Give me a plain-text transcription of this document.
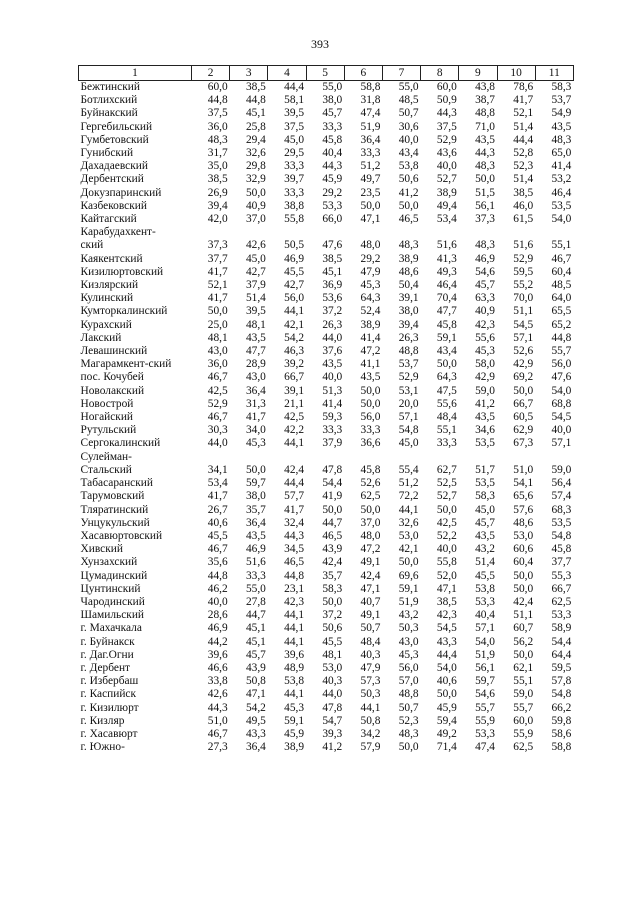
393
1	2	3	4	5	6	7	8	9	10	11
Бежтинский	60,0	38,5	44,4	55,0	58,8	55,0	60,0	43,8	78,6	58,3
Ботлихский	44,8	44,8	58,1	38,0	31,8	48,5	50,9	38,7	41,7	53,7
Буйнакский	37,5	45,1	39,5	45,7	47,4	50,7	44,3	48,8	52,1	54,9
Гергебильский	36,0	25,8	37,5	33,3	51,9	30,6	37,5	71,0	51,4	43,5
Гумбетовский	48,3	29,4	45,0	45,8	36,4	40,0	52,9	43,5	44,4	48,3
Гунибский	31,7	32,6	29,5	40,4	33,3	43,4	43,6	44,3	52,8	65,0
Дахадаевский	35,0	29,8	33,3	44,3	51,2	53,8	40,0	48,3	52,3	41,4
Дербентский	38,5	32,9	39,7	45,9	49,7	50,6	52,7	50,0	51,4	53,2
Докузпаринский	26,9	50,0	33,3	29,2	23,5	41,2	38,9	51,5	38,5	46,4
Казбековский	39,4	40,9	38,8	53,3	50,0	50,0	49,4	56,1	46,0	53,5
Кайтагский	42,0	37,0	55,8	66,0	47,1	46,5	53,4	37,3	61,5	54,0

Карабудахкент-
ский	37,3	42,6	50,5	47,6	48,0	48,3	51,6	48,3	51,6	55,1
Каякентский	37,7	45,0	46,9	38,5	29,2	38,9	41,3	46,9	52,9	46,7
Кизилюртовский	41,7	42,7	45,5	45,1	47,9	48,6	49,3	54,6	59,5	60,4
Кизлярский	52,1	37,9	42,7	36,9	45,3	50,4	46,4	45,7	55,2	48,5
Кулинский	41,7	51,4	56,0	53,6	64,3	39,1	70,4	63,3	70,0	64,0
Кумторкалинский	50,0	39,5	44,1	37,2	52,4	38,0	47,7	40,9	51,1	65,5
Курахский	25,0	48,1	42,1	26,3	38,9	39,4	45,8	42,3	54,5	65,2
Лакский	48,1	43,5	54,2	44,0	41,4	26,3	59,1	55,6	57,1	44,8
Левашинский	43,0	47,7	46,3	37,6	47,2	48,8	43,4	45,3	52,6	55,7
Магарамкент-ский	36,0	28,9	39,2	43,5	41,1	53,7	50,0	58,0	42,9	56,0
пос. Кочубей	46,7	43,0	66,7	40,0	43,5	52,9	64,3	42,9	69,2	47,6
Новолакский	42,5	36,4	39,1	51,3	50,0	53,1	47,5	59,0	50,0	54,0
Новострой	52,9	31,3	21,1	41,4	50,0	20,0	55,6	41,2	66,7	68,8
Ногайский	46,7	41,7	42,5	59,3	56,0	57,1	48,4	43,5	60,5	54,5
Рутульский	30,3	34,0	42,2	33,3	33,3	54,8	55,1	34,6	62,9	40,0
Сергокалинский	44,0	45,3	44,1	37,9	36,6	45,0	33,3	53,5	67,3	57,1

Сулейман-
Стальский	34,1	50,0	42,4	47,8	45,8	55,4	62,7	51,7	51,0	59,0
Табасаранский	53,4	59,7	44,4	54,4	52,6	51,2	52,5	53,5	54,1	56,4
Тарумовский	41,7	38,0	57,7	41,9	62,5	72,2	52,7	58,3	65,6	57,4
Тляратинский	26,7	35,7	41,7	50,0	50,0	44,1	50,0	45,0	57,6	68,3
Унцукульский	40,6	36,4	32,4	44,7	37,0	32,6	42,5	45,7	48,6	53,5
Хасавюртовский	45,5	43,5	44,3	46,5	48,0	53,0	52,2	43,5	53,0	54,8
Хивский	46,7	46,9	34,5	43,9	47,2	42,1	40,0	43,2	60,6	45,8
Хунзахский	35,6	51,6	46,5	42,4	49,1	50,0	55,8	51,4	60,4	37,7
Цумадинский	44,8	33,3	44,8	35,7	42,4	69,6	52,0	45,5	50,0	55,3
Цунтинский	46,2	55,0	23,1	58,3	47,1	59,1	47,1	53,8	50,0	66,7
Чародинский	40,0	27,8	42,3	50,0	40,7	51,9	38,5	53,3	42,4	62,5
Шамильский	28,6	44,7	44,1	37,2	49,1	43,2	42,3	40,4	51,1	53,3
г. Махачкала	46,9	45,1	44,1	50,6	50,7	50,3	54,5	57,1	60,7	58,9
г. Буйнакск	44,2	45,1	44,1	45,5	48,4	43,0	43,3	54,0	56,2	54,4
г. Даг.Огни	39,6	45,7	39,6	48,1	40,3	45,3	44,4	51,9	50,0	64,4
г. Дербент	46,6	43,9	48,9	53,0	47,9	56,0	54,0	56,1	62,1	59,5
г. Избербаш	33,8	50,8	53,8	40,3	57,3	57,0	40,6	59,7	55,1	57,8
г. Каспийск	42,6	47,1	44,1	44,0	50,3	48,8	50,0	54,6	59,0	54,8
г. Кизилюрт	44,3	54,2	45,3	47,8	44,1	50,7	45,9	55,7	55,7	66,2
г. Кизляр	51,0	49,5	59,1	54,7	50,8	52,3	59,4	55,9	60,0	59,8
г. Хасавюрт	46,7	43,3	45,9	39,3	34,2	48,3	49,2	53,3	55,9	58,6
г. Южно-	27,3	36,4	38,9	41,2	57,9	50,0	71,4	47,4	62,5	58,8
